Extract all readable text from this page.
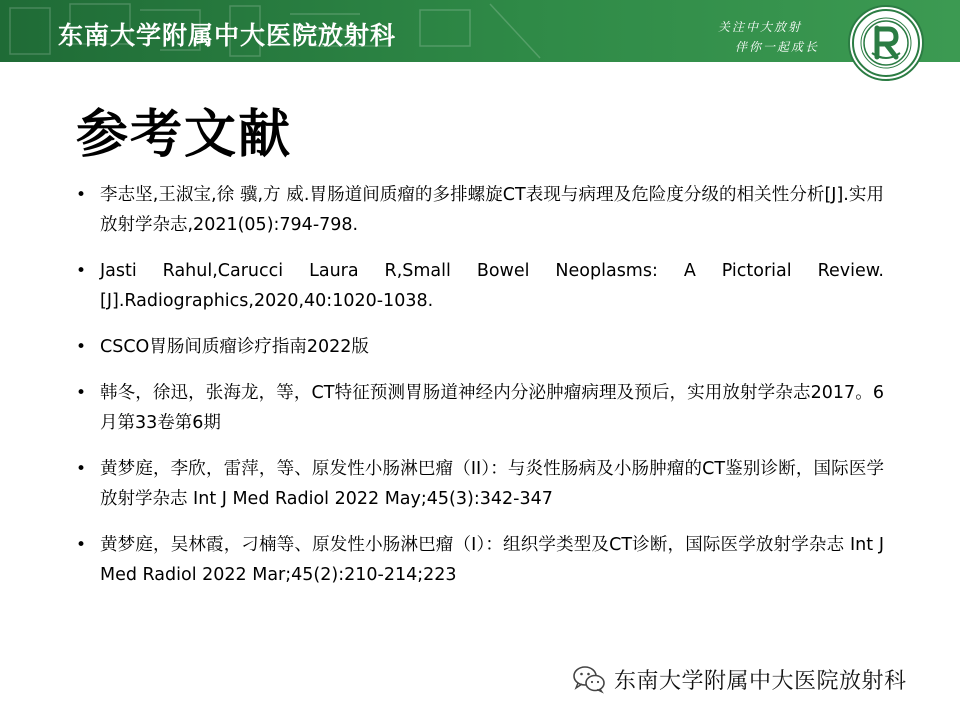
东南大学附属中大医院放射科	关注中大放射
伴你一起成长
参考文献
• 李志坚,王淑宝,徐 骥,方 威.胃肠道间质瘤的多排螺旋CT表现与病理及危险度分级的相关性分析[J].实用放射学杂志,2021(05):794-798.
• Jasti Rahul,Carucci Laura R,Small Bowel Neoplasms: A Pictorial Review.[J].Radiographics,2020,40:1020-1038.
• CSCO胃肠间质瘤诊疗指南2022版
• 韩冬，徐迅，张海龙，等，CT特征预测胃肠道神经内分泌肿瘤病理及预后，实用放射学杂志2017。6月第33卷第6期
• 黄梦庭，李欣，雷萍，等、原发性小肠淋巴瘤（II）：与炎性肠病及小肠肿瘤的CT鉴别诊断，国际医学放射学杂志 Int J Med Radiol 2022 May;45(3):342-347
• 黄梦庭，吴林霞，刁楠等、原发性小肠淋巴瘤（I）：组织学类型及CT诊断，国际医学放射学杂志 Int J Med Radiol 2022 Mar;45(2):210-214;223
东南大学附属中大医院放射科
